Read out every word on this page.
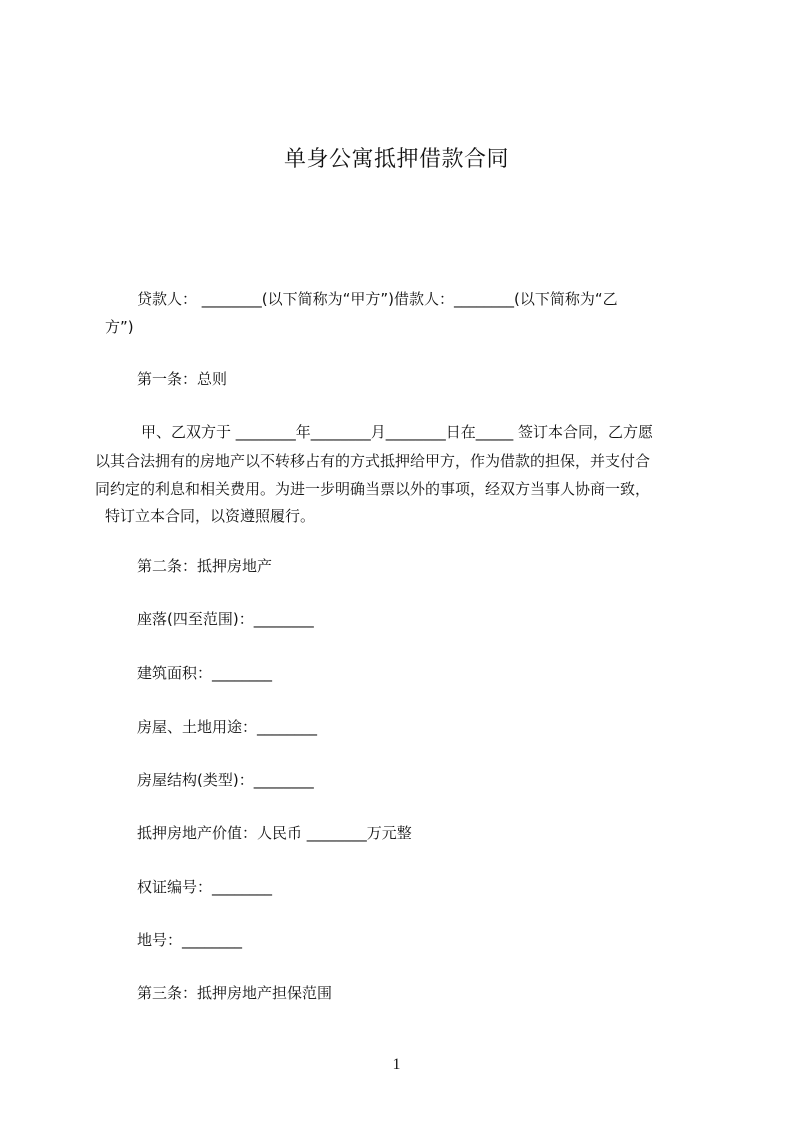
单身公寓抵押借款合同
贷款人： ________(以下简称为“甲方”)借款人：________(以下简称为“乙
方”)
第一条：总则
甲、乙双方于 ________年________月________日在_____ 签订本合同，乙方愿
以其合法拥有的房地产以不转移占有的方式抵押给甲方，作为借款的担保，并支付合
同约定的利息和相关费用。为进一步明确当票以外的事项，经双方当事人协商一致，
特订立本合同，以资遵照履行。
第二条：抵押房地产
座落(四至范围)：________
建筑面积：________
房屋、土地用途：________
房屋结构(类型)：________
抵押房地产价值：人民币 ________万元整
权证编号：________
地号：________
第三条：抵押房地产担保范围
1
